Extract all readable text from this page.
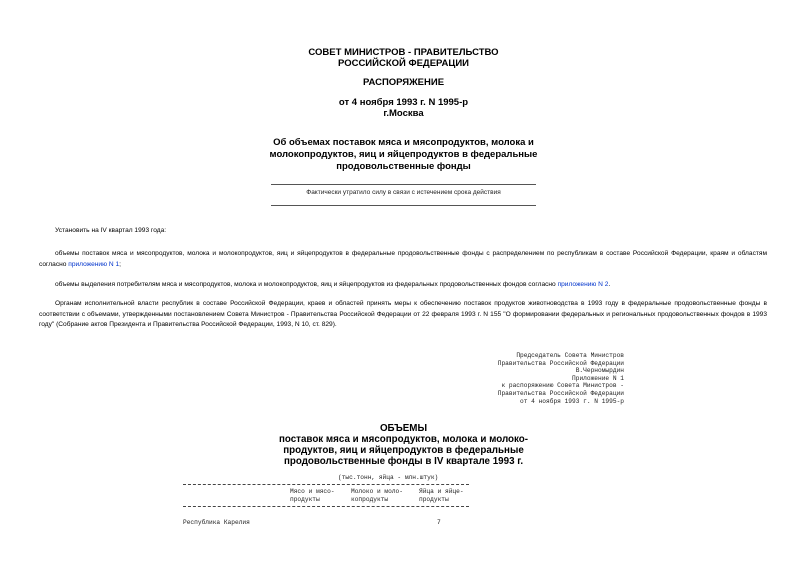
СОВЕТ МИНИСТРОВ - ПРАВИТЕЛЬСТВО
РОССИЙСКОЙ ФЕДЕРАЦИИ
РАСПОРЯЖЕНИЕ
от 4 ноября 1993 г. N 1995-р
г.Москва
Об объемах поставок мяса и мясопродуктов, молока и
молокопродуктов, яиц и яйцепродуктов в федеральные
продовольственные фонды
Фактически утратило силу в связи с истечением срока действия
Установить на IV квартал 1993 года:
объемы поставок мяса и мясопродуктов, молока и молокопродуктов, яиц и яйцепродуктов в федеральные продовольственные фонды с распределением по республикам в составе Российской Федерации, краям и областям согласно приложению N 1;
объемы выделения потребителям мяса и мясопродуктов, молока и молокопродуктов, яиц и яйцепродуктов из федеральных продовольственных фондов согласно приложению N 2.
Органам исполнительной власти республик в составе Российской Федерации, краев и областей принять меры к обеспечению поставок продуктов животноводства в 1993 году в федеральные продовольственные фонды в соответствии с объемами, утвержденными постановлением Совета Министров - Правительства Российской Федерации от 22 февраля 1993 г. N 155 "О формировании федеральных и региональных продовольственных фондов в 1993 году" (Собрание актов Президента и Правительства Российской Федерации, 1993, N 10, ст. 829).
Председатель Совета Министров
Правительства Российской Федерации
В.Черномырдин
Приложение N 1
к распоряжению Совета Министров -
Правительства Российской Федерации
от 4 ноября 1993 г. N 1995-р
ОБЪЕМЫ
поставок мяса и мясопродуктов, молока и молоко-
продуктов, яиц и яйцепродуктов в федеральные
продовольственные фонды в IV квартале 1993 г.
(тыс.тонн, яйца - млн.штук)
Мясо и мясо-
продукты
Молоко и моло-
копродукты
Яйца и яйце-
продукты
Республика Карелия	7
